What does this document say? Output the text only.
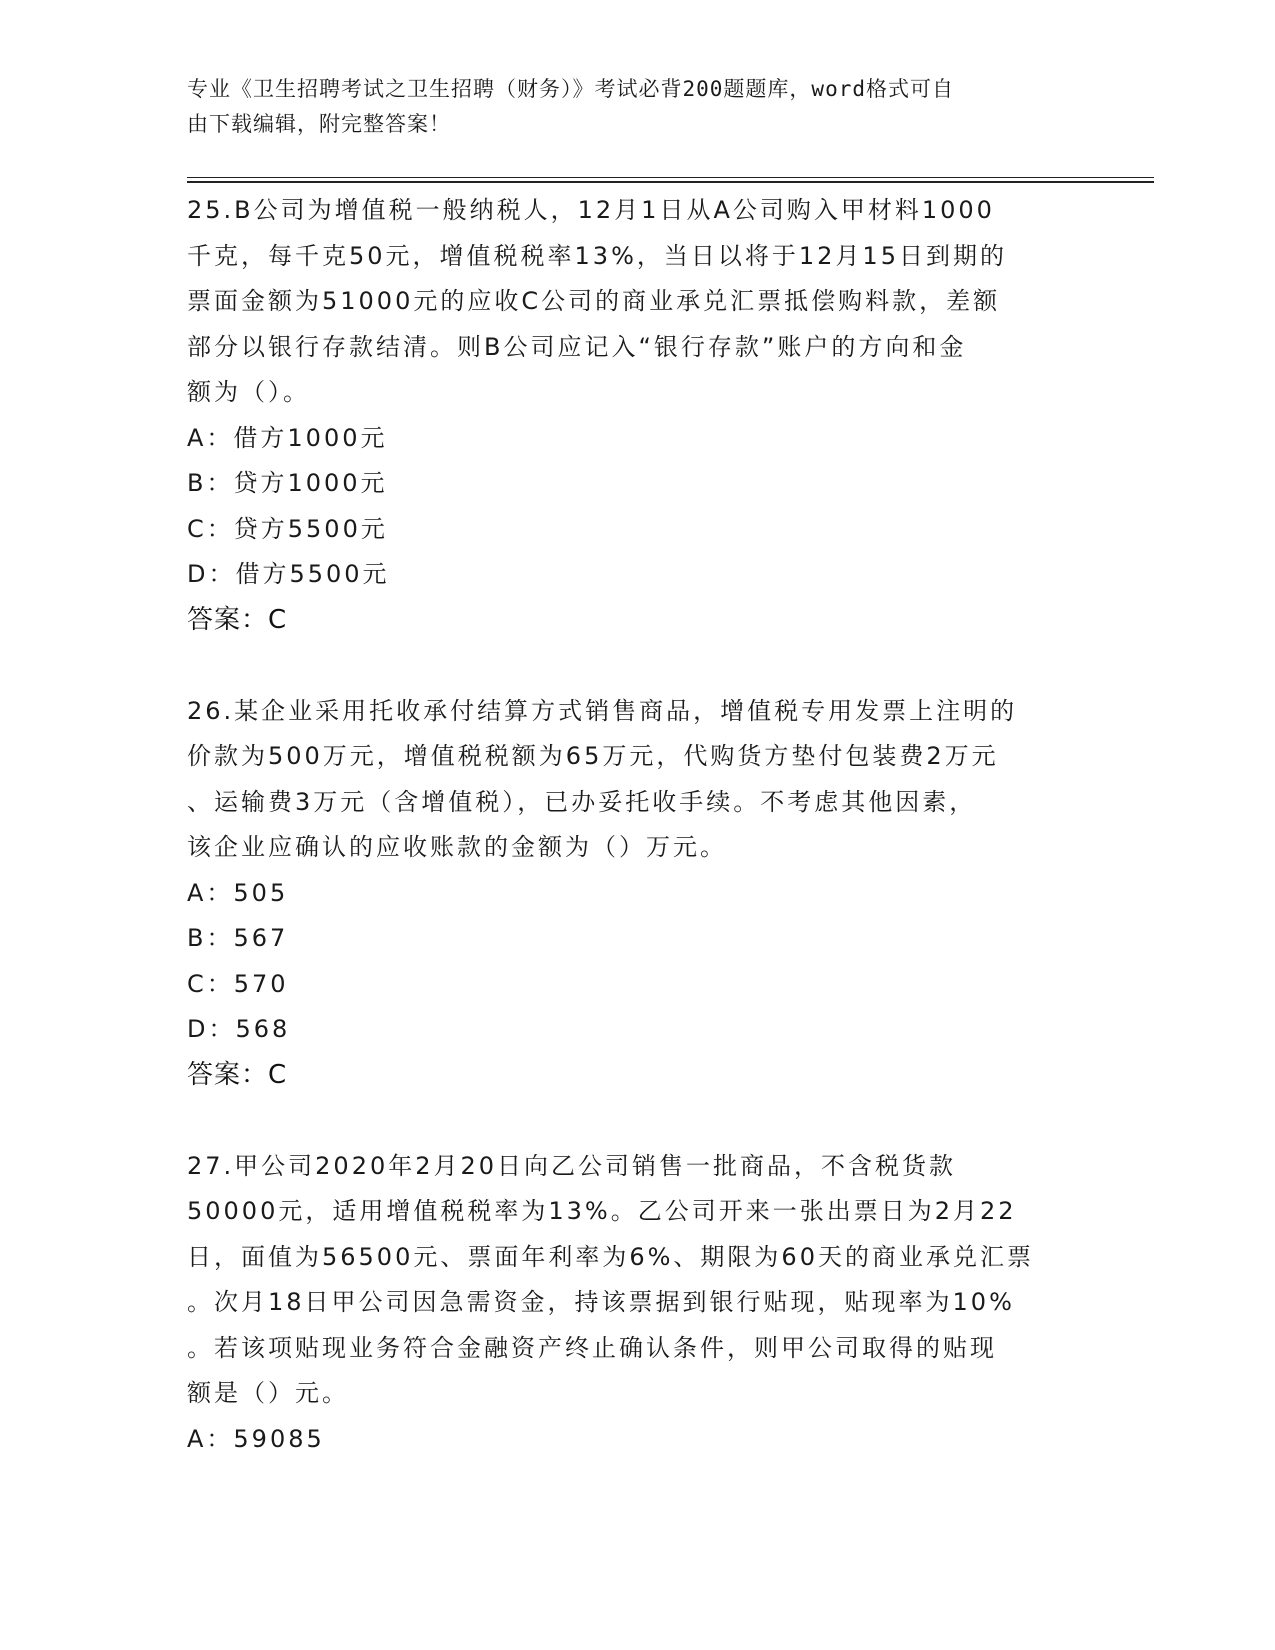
专业《卫生招聘考试之卫生招聘（财务）》考试必背200题题库，word格式可自
由下载编辑，附完整答案！
25.B公司为增值税一般纳税人，12月1日从A公司购入甲材料1000
千克，每千克50元，增值税税率13%，当日以将于12月15日到期的
票面金额为51000元的应收C公司的商业承兑汇票抵偿购料款，差额
部分以银行存款结清。则B公司应记入“银行存款”账户的方向和金
额为（）。
A：借方1000元
B：贷方1000元
C：贷方5500元
D：借方5500元
答案：C
26.某企业采用托收承付结算方式销售商品，增值税专用发票上注明的
价款为500万元，增值税税额为65万元，代购货方垫付包装费2万元
、运输费3万元（含增值税），已办妥托收手续。不考虑其他因素，
该企业应确认的应收账款的金额为（）万元。
A：505
B：567
C：570
D：568
答案：C
27.甲公司2020年2月20日向乙公司销售一批商品，不含税货款
50000元，适用增值税税率为13%。乙公司开来一张出票日为2月22
日，面值为56500元、票面年利率为6%、期限为60天的商业承兑汇票
。次月18日甲公司因急需资金，持该票据到银行贴现，贴现率为10%
。若该项贴现业务符合金融资产终止确认条件，则甲公司取得的贴现
额是（）元。
A：59085
